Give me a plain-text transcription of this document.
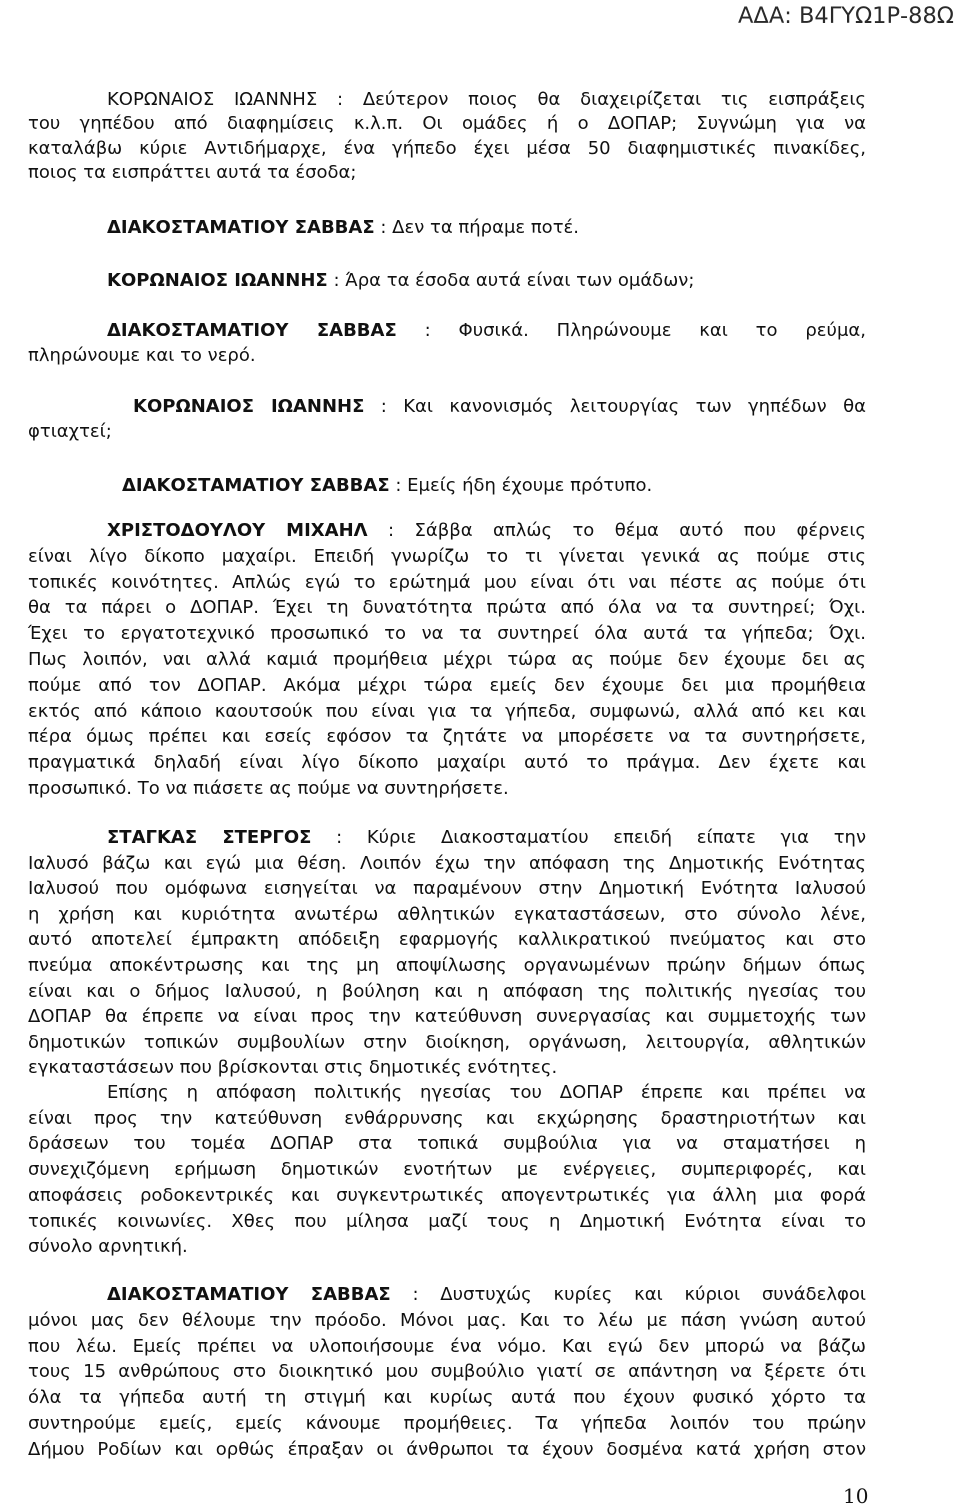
ΑΔΑ: Β4ΓΥΩ1Ρ-88Ω
ΚΟΡΩΝΑΙΟΣ ΙΩΑΝΝΗΣ : Δεύτερον ποιος θα διαχειρίζεται τις εισπράξεις
του γηπέδου από διαφημίσεις κ.λ.π. Οι ομάδες ή ο ΔΟΠΑΡ; Συγνώμη για να
καταλάβω κύριε Αντιδήμαρχε, ένα γήπεδο έχει μέσα 50 διαφημιστικές πινακίδες,
ποιος τα εισπράττει αυτά τα έσοδα;
ΔΙΑΚΟΣΤΑΜΑΤΙΟΥ ΣΑΒΒΑΣ : Δεν τα πήραμε ποτέ.
ΚΟΡΩΝΑΙΟΣ ΙΩΑΝΝΗΣ : Άρα τα έσοδα αυτά είναι των ομάδων;
ΔΙΑΚΟΣΤΑΜΑΤΙΟΥ ΣΑΒΒΑΣ : Φυσικά. Πληρώνουμε και το ρεύμα,
πληρώνουμε και το νερό.
ΚΟΡΩΝΑΙΟΣ ΙΩΑΝΝΗΣ : Και κανονισμός λειτουργίας των γηπέδων θα
φτιαχτεί;
ΔΙΑΚΟΣΤΑΜΑΤΙΟΥ ΣΑΒΒΑΣ : Εμείς ήδη έχουμε πρότυπο.
ΧΡΙΣΤΟΔΟΥΛΟΥ ΜΙΧΑΗΛ : Σάββα απλώς το θέμα αυτό που φέρνεις
είναι λίγο δίκοπο μαχαίρι. Επειδή γνωρίζω το τι γίνεται γενικά ας πούμε στις
τοπικές κοινότητες. Απλώς εγώ το ερώτημά μου είναι ότι ναι πέστε ας πούμε ότι
θα τα πάρει ο ΔΟΠΑΡ. Έχει τη δυνατότητα πρώτα από όλα να τα συντηρεί; Όχι.
Έχει το εργατοτεχνικό προσωπικό το να τα συντηρεί όλα αυτά τα γήπεδα; Όχι.
Πως λοιπόν, ναι αλλά καμιά προμήθεια μέχρι τώρα ας πούμε δεν έχουμε δει ας
πούμε από τον ΔΟΠΑΡ. Ακόμα μέχρι τώρα εμείς δεν έχουμε δει μια προμήθεια
εκτός από κάποιο καουτσούκ που είναι για τα γήπεδα, συμφωνώ, αλλά από κει και
πέρα όμως πρέπει και εσείς εφόσον τα ζητάτε να μπορέσετε να τα συντηρήσετε,
πραγματικά δηλαδή είναι λίγο δίκοπο μαχαίρι αυτό το πράγμα. Δεν έχετε και
προσωπικό. Το να πιάσετε ας πούμε να συντηρήσετε.
ΣΤΑΓΚΑΣ ΣΤΕΡΓΟΣ : Κύριε Διακοσταματίου επειδή είπατε για την
Ιαλυσό βάζω και εγώ μια θέση. Λοιπόν έχω την απόφαση της Δημοτικής Ενότητας
Ιαλυσού που ομόφωνα εισηγείται να παραμένουν στην Δημοτική Ενότητα Ιαλυσού
η χρήση και κυριότητα ανωτέρω αθλητικών εγκαταστάσεων, στο σύνολο λένε,
αυτό αποτελεί έμπρακτη απόδειξη εφαρμογής καλλικρατικού πνεύματος και στο
πνεύμα αποκέντρωσης και της μη αποψίλωσης οργανωμένων πρώην δήμων όπως
είναι και ο δήμος Ιαλυσού, η βούληση και η απόφαση της πολιτικής ηγεσίας του
ΔΟΠΑΡ θα έπρεπε να είναι προς την κατεύθυνση συνεργασίας και συμμετοχής των
δημοτικών τοπικών συμβουλίων στην διοίκηση, οργάνωση, λειτουργία, αθλητικών
εγκαταστάσεων που βρίσκονται στις δημοτικές ενότητες.
Επίσης η απόφαση πολιτικής ηγεσίας του ΔΟΠΑΡ έπρεπε και πρέπει να
είναι προς την κατεύθυνση ενθάρρυνσης και εκχώρησης δραστηριοτήτων και
δράσεων του τομέα ΔΟΠΑΡ στα τοπικά συμβούλια για να σταματήσει η
συνεχιζόμενη ερήμωση δημοτικών ενοτήτων με ενέργειες, συμπεριφορές, και
αποφάσεις ροδοκεντρικές και συγκεντρωτικές απογεντρωτικές για άλλη μια φορά
τοπικές κοινωνίες. Χθες που μίλησα μαζί τους η Δημοτική Ενότητα είναι το
σύνολο αρνητική.
ΔΙΑΚΟΣΤΑΜΑΤΙΟΥ ΣΑΒΒΑΣ : Δυστυχώς κυρίες και κύριοι συνάδελφοι
μόνοι μας δεν θέλουμε την πρόοδο. Μόνοι μας. Και το λέω με πάση γνώση αυτού
που λέω. Εμείς πρέπει να υλοποιήσουμε ένα νόμο. Και εγώ δεν μπορώ να βάζω
τους 15 ανθρώπους στο διοικητικό μου συμβούλιο γιατί σε απάντηση να ξέρετε ότι
όλα τα γήπεδα αυτή τη στιγμή και κυρίως αυτά που έχουν φυσικό χόρτο τα
συντηρούμε εμείς, εμείς κάνουμε προμήθειες. Τα γήπεδα λοιπόν του πρώην
Δήμου Ροδίων και ορθώς έπραξαν οι άνθρωποι τα έχουν δοσμένα κατά χρήση στον
10
